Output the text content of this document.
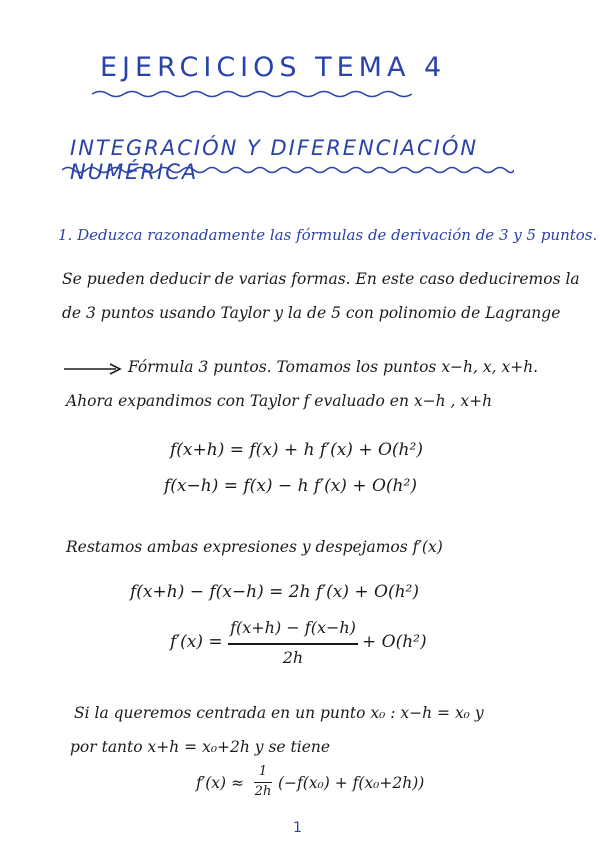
EJERCICIOS TEMA 4
INTEGRACIÓN Y DIFERENCIACIÓN NUMÉRICA
1. Deduzca razonadamente las fórmulas de derivación de 3 y 5 puntos.
Se pueden deducir de varias formas. En este caso deduciremos la
de 3 puntos usando Taylor y la de 5 con polinomio de Lagrange
Fórmula 3 puntos. Tomamos los puntos x−h, x, x+h.
Ahora expandimos con Taylor f evaluado en x−h , x+h
f(x+h) = f(x) + h f′(x) + O(h²)
f(x−h) = f(x) − h f′(x) + O(h²)
Restamos ambas expresiones y despejamos f′(x)
f(x+h) − f(x−h) = 2h f′(x) + O(h²)
f′(x) =
f(x+h) − f(x−h)
2h
+ O(h²)
Si la queremos centrada en un punto x₀ : x−h = x₀ y
por tanto x+h = x₀+2h y se tiene
f′(x) ≈
1
2h (−f(x₀) + f(x₀+2h))
1
